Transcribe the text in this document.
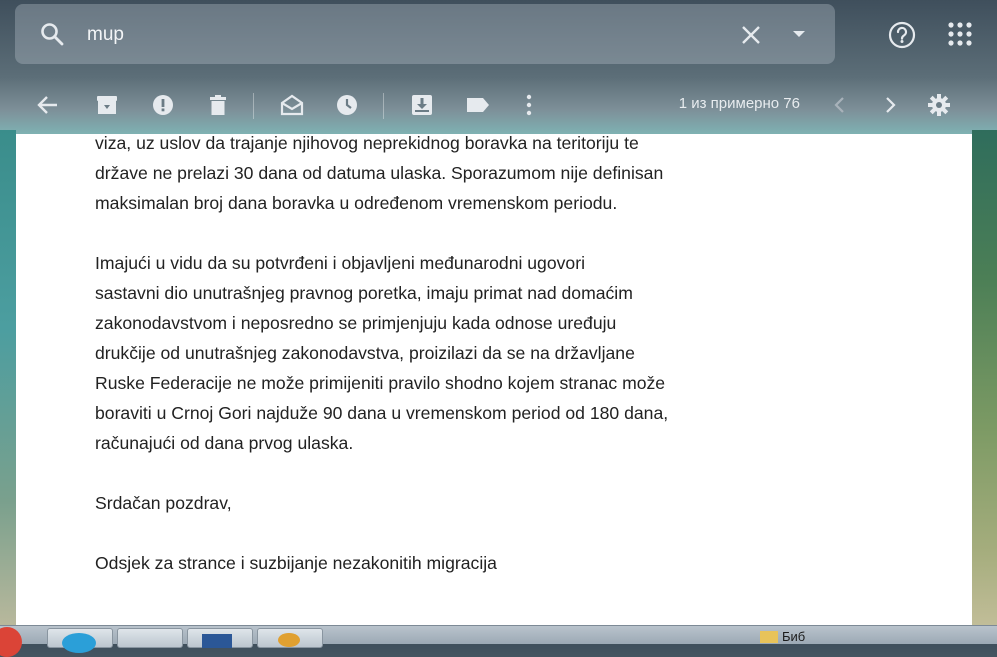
mup
1 из примерно 76

viza, uz uslov da trajanje njihovog neprekidnog boravka na teritoriju te
države ne prelazi 30 dana od datuma ulaska. Sporazumom nije definisan
maksimalan broj dana boravka u određenom vremenskom periodu.

Imajući u vidu da su potvrđeni i objavljeni međunarodni ugovori
sastavni dio unutrašnjeg pravnog poretka, imaju primat nad domaćim
zakonodavstvom i neposredno se primjenjuju kada odnose uređuju
drukčije od unutrašnjeg zakonodavstva, proizilazi da se na državljane
Ruske Federacije ne može primijeniti pravilo shodno kojem stranac može
boraviti u Crnoj Gori najduže 90 dana u vremenskom period od 180 dana,
računajući od dana prvog ulaska.

Srdačan pozdrav,

Odsjek za strance i suzbijanje nezakonitih migracija

Биб
